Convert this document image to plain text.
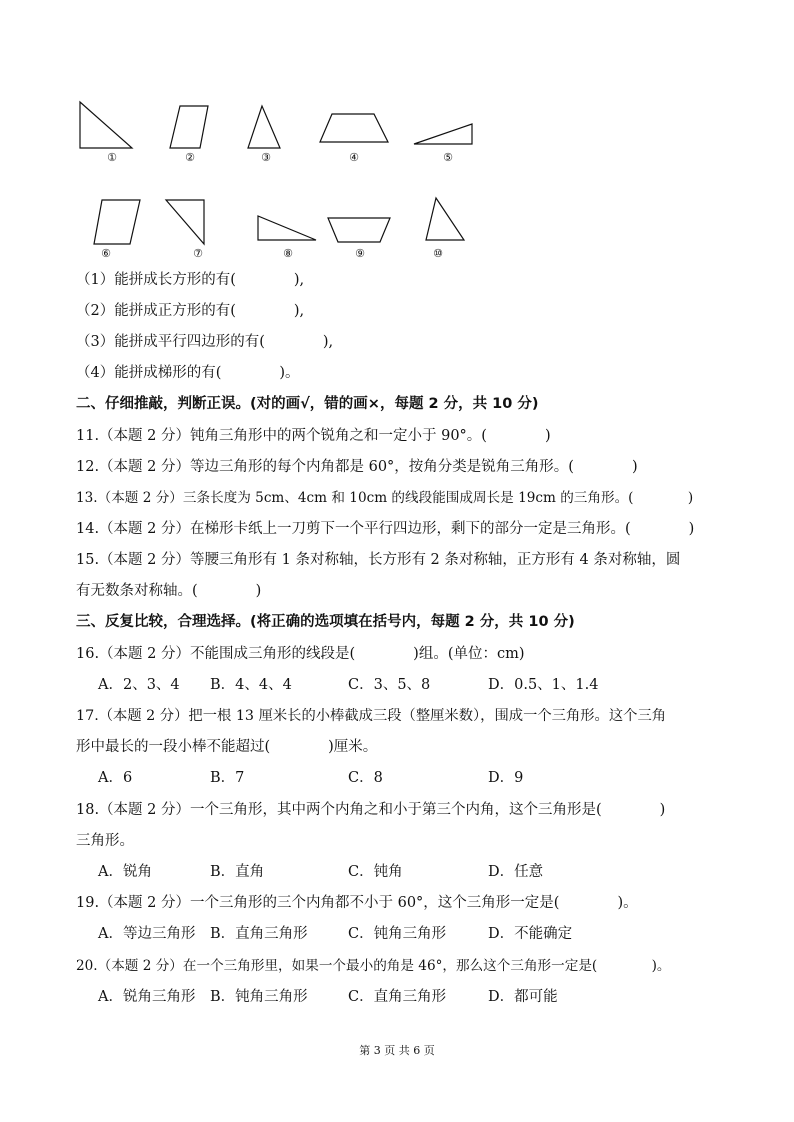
①	②	③	④	⑤
⑥	⑦	⑧	⑨	⑩
（1）能拼成长方形的有(　　　　),
（2）能拼成正方形的有(　　　　),
（3）能拼成平行四边形的有(　　　　),
（4）能拼成梯形的有(　　　　)。
二、仔细推敲，判断正误。(对的画√，错的画×，每题 2 分，共 10 分)
11.（本题 2 分）钝角三角形中的两个锐角之和一定小于 90°。(　　　　)
12.（本题 2 分）等边三角形的每个内角都是 60°，按角分类是锐角三角形。(　　　　)
13.（本题 2 分）三条长度为 5cm、4cm 和 10cm 的线段能围成周长是 19cm 的三角形。(　　　　)
14.（本题 2 分）在梯形卡纸上一刀剪下一个平行四边形，剩下的部分一定是三角形。(　　　　)
15.（本题 2 分）等腰三角形有 1 条对称轴，长方形有 2 条对称轴，正方形有 4 条对称轴，圆
有无数条对称轴。(　　　　)
三、反复比较，合理选择。(将正确的选项填在括号内，每题 2 分，共 10 分)
16.（本题 2 分）不能围成三角形的线段是(　　　　)组。(单位：cm)
A．2、3、4 B．4、4、4	C．3、5、8	D．0.5、1、1.4
17.（本题 2 分）把一根 13 厘米长的小棒截成三段（整厘米数），围成一个三角形。这个三角
形中最长的一段小棒不能超过(　　　　)厘米。
A．6	B．7	C．8	D．9
18.（本题 2 分）一个三角形，其中两个内角之和小于第三个内角，这个三角形是(　　　　)
三角形。
A．锐角	B．直角	C．钝角	D．任意
19.（本题 2 分）一个三角形的三个内角都不小于 60°，这个三角形一定是(　　　　)。
A．等边三角形 B．直角三角形	C．钝角三角形	D．不能确定
20.（本题 2 分）在一个三角形里，如果一个最小的角是 46°，那么这个三角形一定是(　　　　)。
A．锐角三角形 B．钝角三角形	C．直角三角形	D．都可能
第 3 页 共 6 页
